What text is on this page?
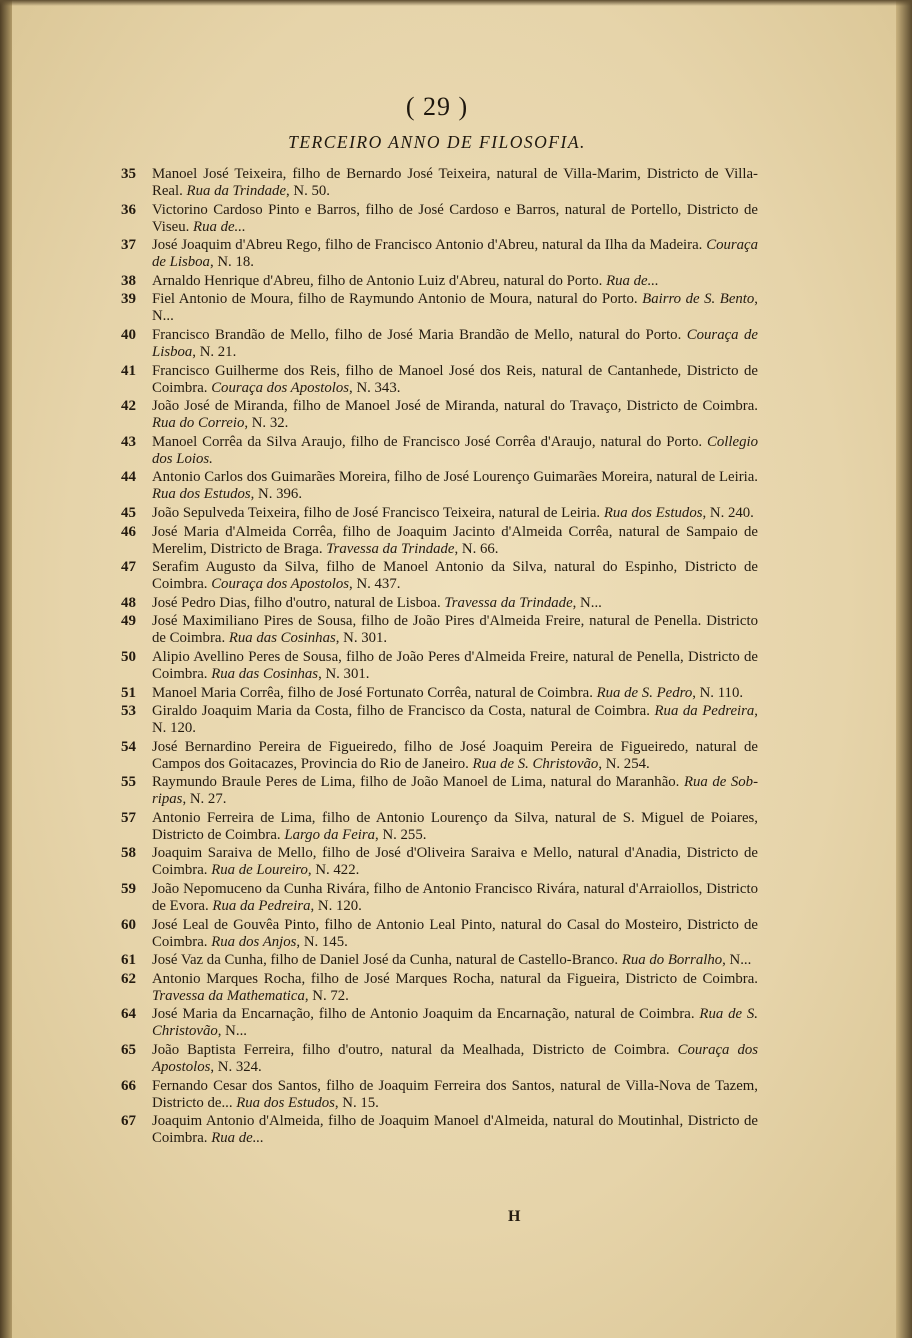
( 29 )
TERCEIRO ANNO DE FILOSOFIA.
35 Manoel José Teixeira, filho de Bernardo José Teixeira, natural de Villa-Marim, Districto de Villa-Real. Rua da Trindade, N. 50.
36 Victorino Cardoso Pinto e Barros, filho de José Cardoso e Barros, natural de Portello, Districto de Viseu. Rua de...
37 José Joaquim d'Abreu Rego, filho de Francisco Antonio d'Abreu, natural da Ilha da Madeira. Couraça de Lisboa, N. 18.
38 Arnaldo Henrique d'Abreu, filho de Antonio Luiz d'Abreu, natural do Porto. Rua de...
39 Fiel Antonio de Moura, filho de Raymundo Antonio de Moura, natural do Porto. Bairro de S. Bento, N...
40 Francisco Brandão de Mello, filho de José Maria Brandão de Mello, natural do Porto. Couraça de Lisboa, N. 21.
41 Francisco Guilherme dos Reis, filho de Manoel José dos Reis, natural de Cantanhede, Districto de Coimbra. Couraça dos Apostolos, N. 343.
42 João José de Miranda, filho de Manoel José de Miranda, natural do Travaço, Districto de Coimbra. Rua do Correio, N. 32.
43 Manoel Corrêa da Silva Araujo, filho de Francisco José Corrêa d'Araujo, natural do Porto. Collegio dos Loios.
44 Antonio Carlos dos Guimarães Moreira, filho de José Lourenço Guimarães Moreira, natural de Leiria. Rua dos Estudos, N. 396.
45 João Sepulveda Teixeira, filho de José Francisco Teixeira, natural de Leiria. Rua dos Estudos, N. 240.
46 José Maria d'Almeida Corrêa, filho de Joaquim Jacinto d'Almeida Corrêa, natural de Sampaio de Merelim, Districto de Braga. Travessa da Trindade, N. 66.
47 Serafim Augusto da Silva, filho de Manoel Antonio da Silva, natural do Espinho, Districto de Coimbra. Couraça dos Apostolos, N. 437.
48 José Pedro Dias, filho d'outro, natural de Lisboa. Travessa da Trindade, N...
49 José Maximiliano Pires de Sousa, filho de João Pires d'Almeida Freire, natural de Penella. Districto de Coimbra. Rua das Cosinhas, N. 301.
50 Alipio Avellino Peres de Sousa, filho de João Peres d'Almeida Freire, natural de Penella, Districto de Coimbra. Rua das Cosinhas, N. 301.
51 Manoel Maria Corrêa, filho de José Fortunato Corrêa, natural de Coimbra. Rua de S. Pedro, N. 110.
53 Giraldo Joaquim Maria da Costa, filho de Francisco da Costa, natural de Coimbra. Rua da Pedreira, N. 120.
54 José Bernardino Pereira de Figueiredo, filho de José Joaquim Pereira de Figueiredo, natural de Campos dos Goitacazes, Provincia do Rio de Janeiro. Rua de S. Christovão, N. 254.
55 Raymundo Braule Peres de Lima, filho de João Manoel de Lima, natural do Maranhão. Rua de Sob-ripas, N. 27.
57 Antonio Ferreira de Lima, filho de Antonio Lourenço da Silva, natural de S. Miguel de Poiares, Districto de Coimbra. Largo da Feira, N. 255.
58 Joaquim Saraiva de Mello, filho de José d'Oliveira Saraiva e Mello, natural d'Anadia, Districto de Coimbra. Rua de Loureiro, N. 422.
59 João Nepomuceno da Cunha Rivára, filho de Antonio Francisco Rivára, natural d'Arraiollos, Districto de Evora. Rua da Pedreira, N. 120.
60 José Leal de Gouvêa Pinto, filho de Antonio Leal Pinto, natural do Casal do Mosteiro, Districto de Coimbra. Rua dos Anjos, N. 145.
61 José Vaz da Cunha, filho de Daniel José da Cunha, natural de Castello-Branco. Rua do Borralho, N...
62 Antonio Marques Rocha, filho de José Marques Rocha, natural da Figueira, Districto de Coimbra. Travessa da Mathematica, N. 72.
64 José Maria da Encarnação, filho de Antonio Joaquim da Encarnação, natural de Coimbra. Rua de S. Christovão, N...
65 João Baptista Ferreira, filho d'outro, natural da Mealhada, Districto de Coimbra. Couraça dos Apostolos, N. 324.
66 Fernando Cesar dos Santos, filho de Joaquim Ferreira dos Santos, natural de Villa-Nova de Tazem, Districto de... Rua dos Estudos, N. 15.
67 Joaquim Antonio d'Almeida, filho de Joaquim Manoel d'Almeida, natural do Moutinhal, Districto de Coimbra. Rua de...
H
